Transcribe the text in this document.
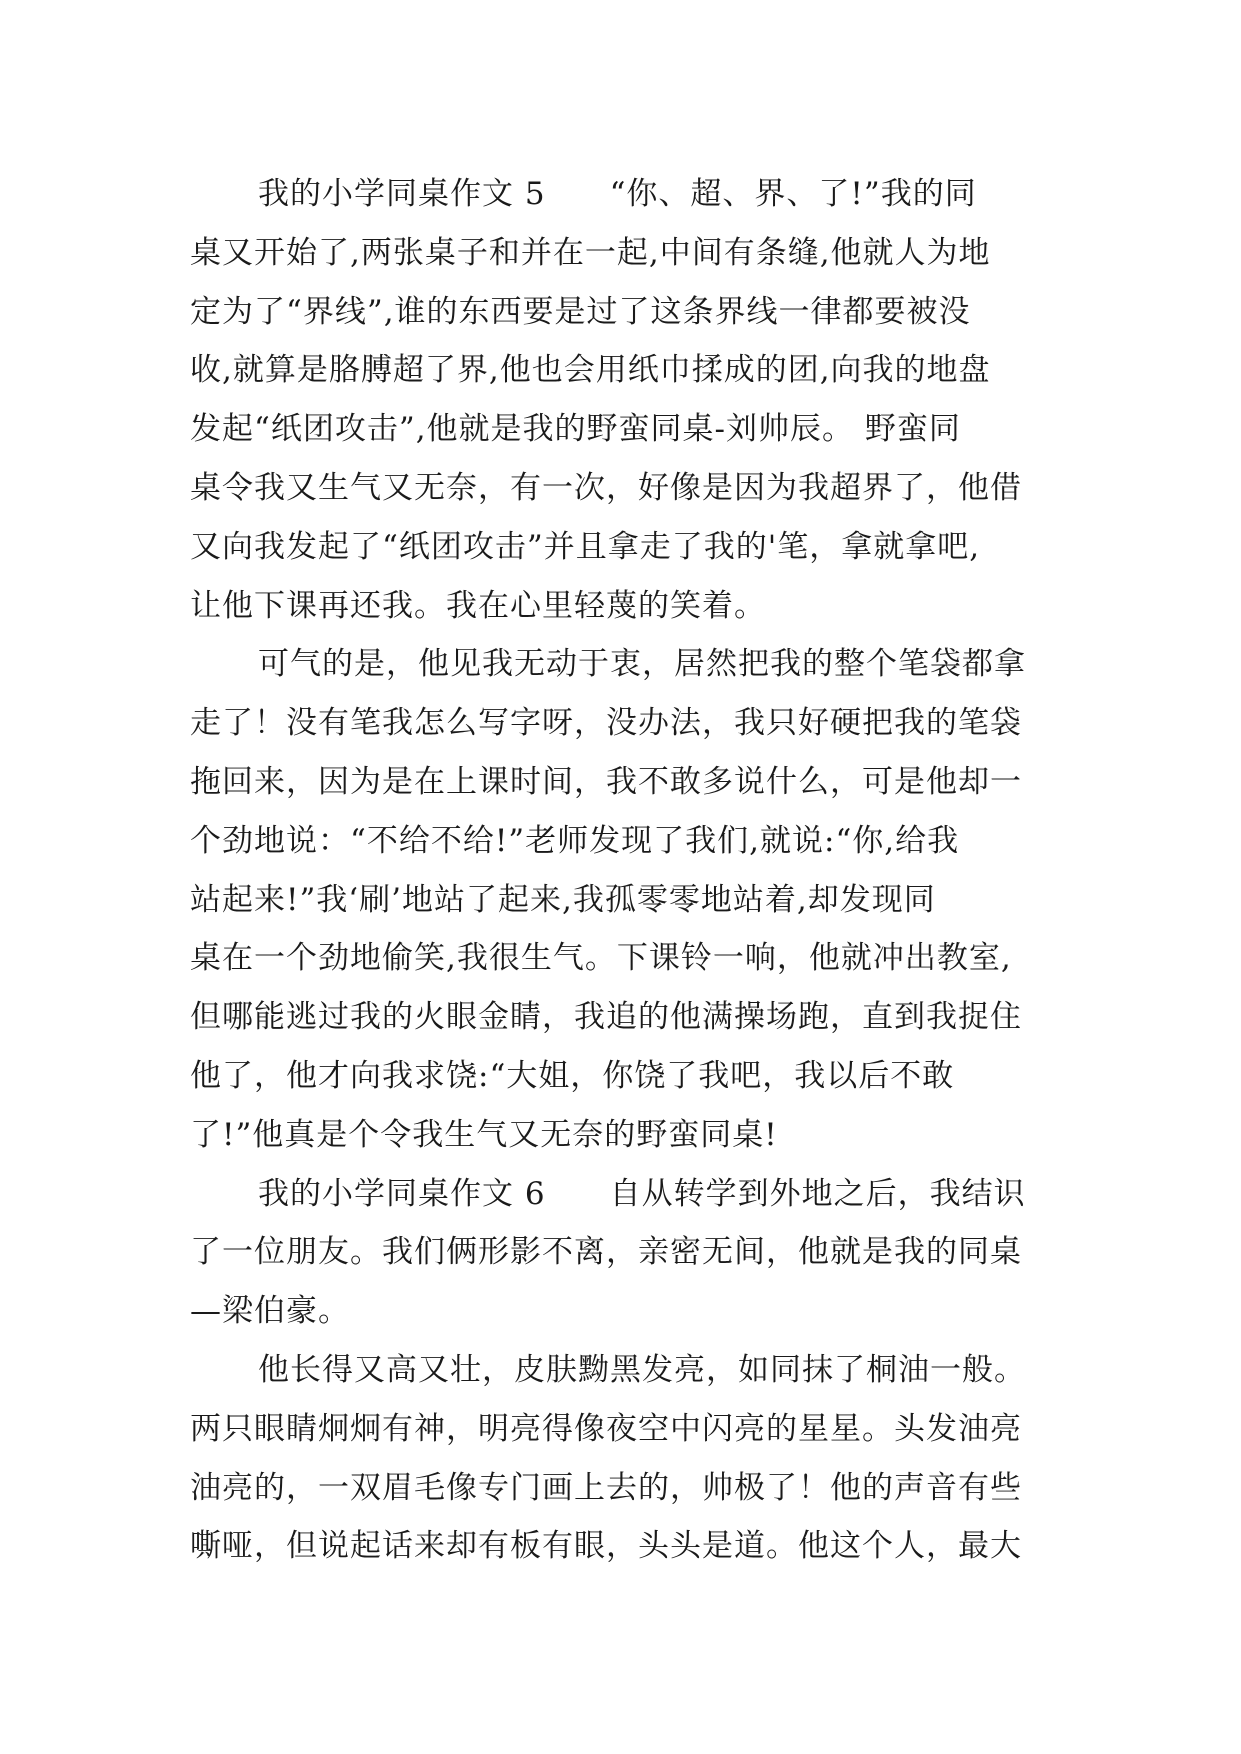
我的小学同桌作文 5　　“你、超、界、了!”我的同
桌又开始了,两张桌子和并在一起,中间有条缝,他就人为地
定为了“界线”,谁的东西要是过了这条界线一律都要被没
收,就算是胳膊超了界,他也会用纸巾揉成的团,向我的地盘
发起“纸团攻击”,他就是我的野蛮同桌-刘帅辰。 野蛮同
桌令我又生气又无奈，有一次，好像是因为我超界了，他借
又向我发起了“纸团攻击”并且拿走了我的'笔，拿就拿吧,
让他下课再还我。我在心里轻蔑的笑着。
可气的是，他见我无动于衷，居然把我的整个笔袋都拿
走了！没有笔我怎么写字呀，没办法，我只好硬把我的笔袋
拖回来，因为是在上课时间，我不敢多说什么，可是他却一
个劲地说：“不给不给!”老师发现了我们,就说:“你,给我
站起来!”我‘刷’地站了起来,我孤零零地站着,却发现同
桌在一个劲地偷笑,我很生气。下课铃一响，他就冲出教室,
但哪能逃过我的火眼金睛，我追的他满操场跑，直到我捉住
他了，他才向我求饶:“大姐，你饶了我吧，我以后不敢
了!”他真是个令我生气又无奈的野蛮同桌!
我的小学同桌作文 6　　自从转学到外地之后，我结识
了一位朋友。我们俩形影不离，亲密无间，他就是我的同桌
—梁伯豪。
他长得又高又壮，皮肤黝黑发亮，如同抹了桐油一般。
两只眼睛炯炯有神，明亮得像夜空中闪亮的星星。头发油亮
油亮的，一双眉毛像专门画上去的，帅极了！他的声音有些
嘶哑，但说起话来却有板有眼，头头是道。他这个人，最大
